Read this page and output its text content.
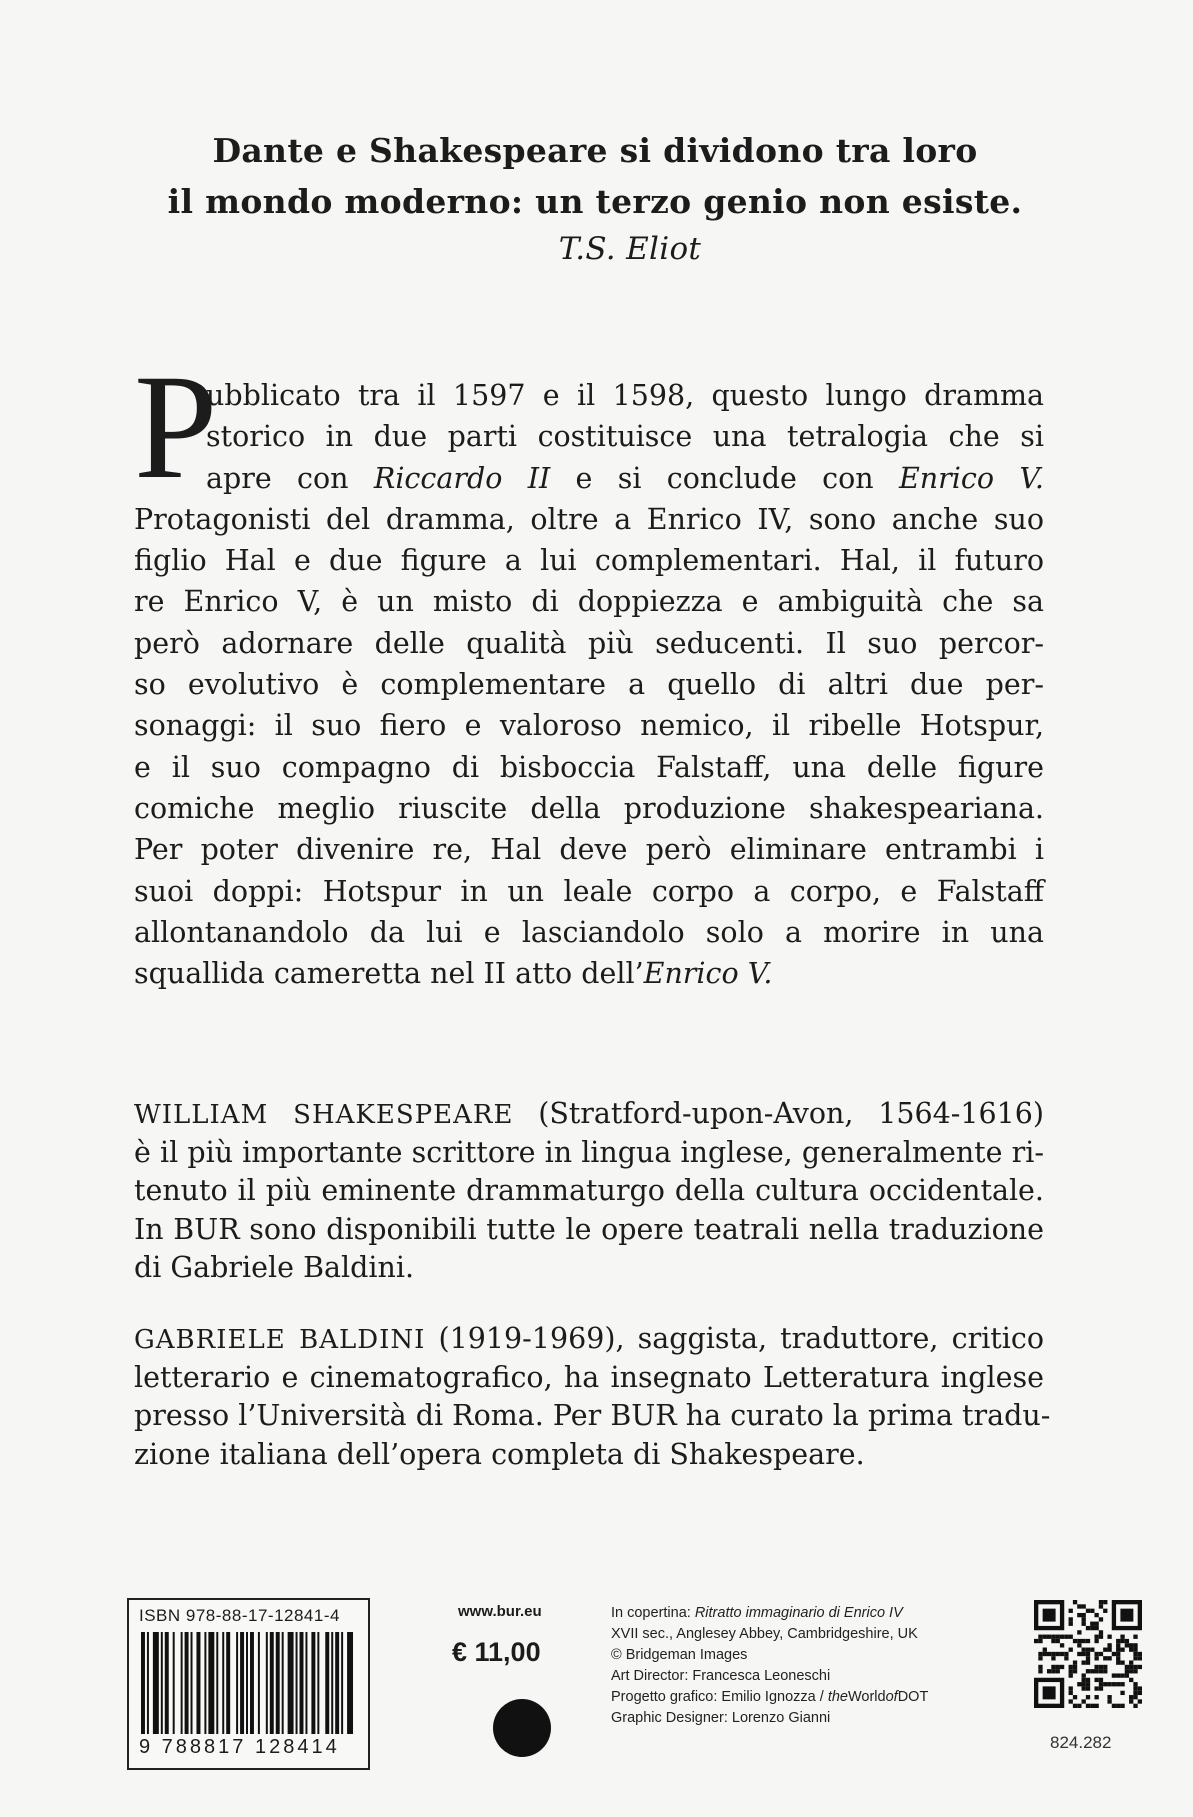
Dante e Shakespeare si dividono tra loro
il mondo moderno: un terzo genio non esiste.
T.S. Eliot
P
ubblicato tra il 1597 e il 1598, questo lungo dramma
storico in due parti costituisce una tetralogia che si
apre con Riccardo II e si conclude con Enrico V.
Protagonisti del dramma, oltre a Enrico IV, sono anche suo
figlio Hal e due figure a lui complementari. Hal, il futuro
re Enrico V, è un misto di doppiezza e ambiguità che sa
però adornare delle qualità più seducenti. Il suo percor-
so evolutivo è complementare a quello di altri due per-
sonaggi: il suo fiero e valoroso nemico, il ribelle Hotspur,
e il suo compagno di bisboccia Falstaff, una delle figure
comiche meglio riuscite della produzione shakespeariana.
Per poter divenire re, Hal deve però eliminare entrambi i
suoi doppi: Hotspur in un leale corpo a corpo, e Falstaff
allontanandolo da lui e lasciandolo solo a morire in una
squallida cameretta nel II atto dell’Enrico V.
WILLIAM SHAKESPEARE (Stratford-upon-Avon, 1564-1616)
è il più importante scrittore in lingua inglese, generalmente ri-
tenuto il più eminente drammaturgo della cultura occidentale.
In BUR sono disponibili tutte le opere teatrali nella traduzione
di Gabriele Baldini.
GABRIELE BALDINI (1919-1969), saggista, traduttore, critico
letterario e cinematografico, ha insegnato Letteratura inglese
presso l’Università di Roma. Per BUR ha curato la prima tradu-
zione italiana dell’opera completa di Shakespeare.
ISBN 978-88-17-12841-4
9 788817 128414
www.bur.eu
€ 11,00
In copertina: Ritratto immaginario di Enrico IV
XVII sec., Anglesey Abbey, Cambridgeshire, UK
© Bridgeman Images
Art Director: Francesca Leoneschi
Progetto grafico: Emilio Ignozza / theWorldofDOT
Graphic Designer: Lorenzo Gianni
824.282
